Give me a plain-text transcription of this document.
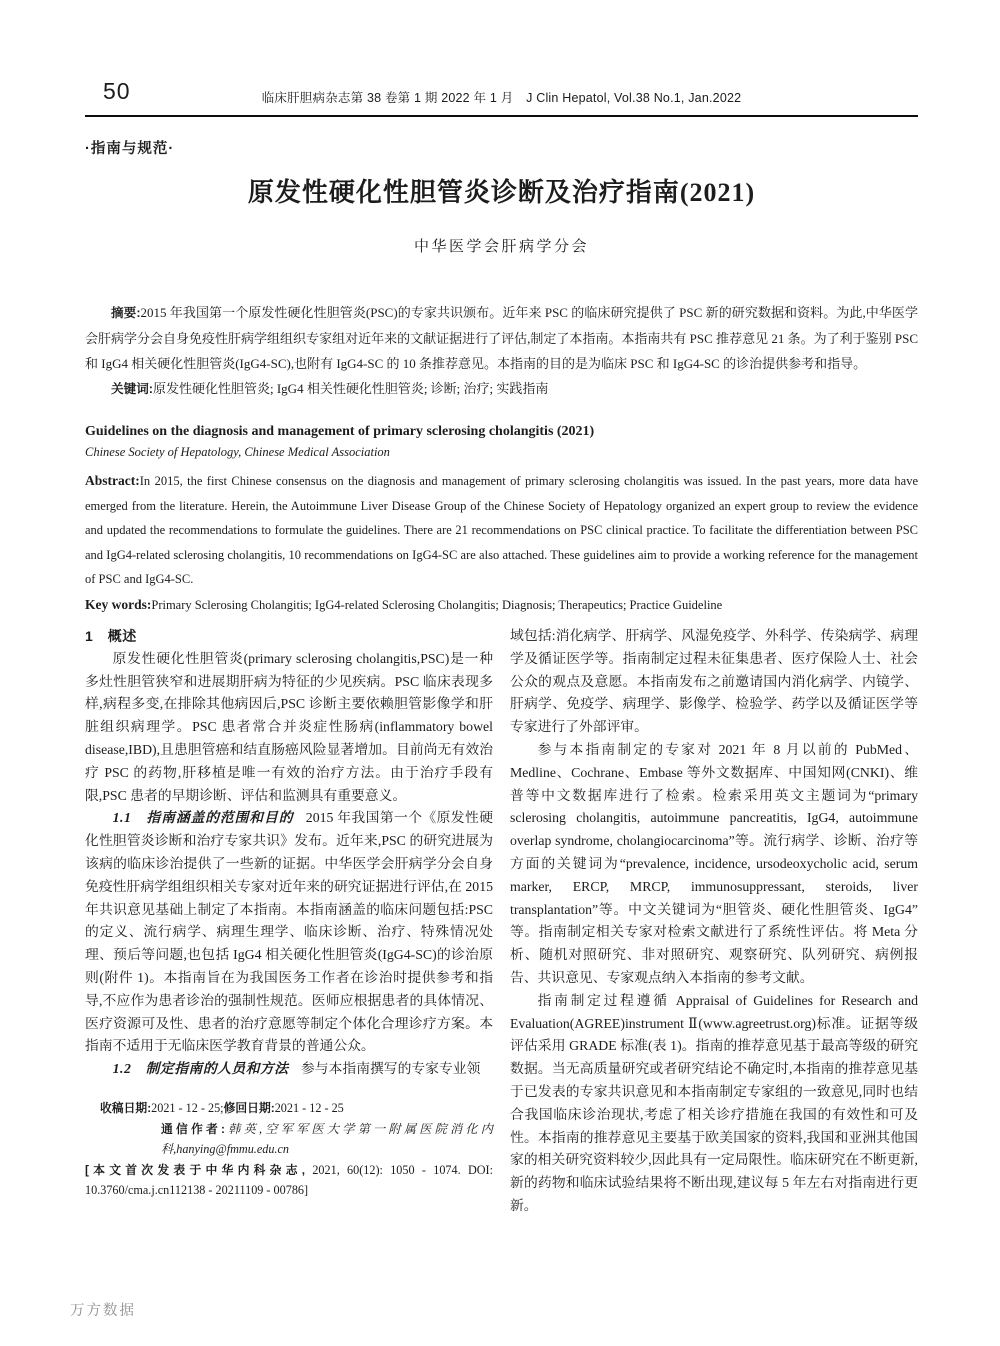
50	临床肝胆病杂志第 38 卷第 1 期 2022 年 1 月　J Clin Hepatol, Vol.38 No.1, Jan.2022
·指南与规范·
原发性硬化性胆管炎诊断及治疗指南(2021)
中华医学会肝病学分会

摘要:2015 年我国第一个原发性硬化性胆管炎(PSC)的专家共识颁布。近年来 PSC 的临床研究提供了 PSC 新的研究数据和资料。为此,中华医学会肝病学分会自身免疫性肝病学组组织专家组对近年来的文献证据进行了评估,制定了本指南。本指南共有 PSC 推荐意见 21 条。为了利于鉴别 PSC 和 IgG4 相关硬化性胆管炎(IgG4-SC),也附有 IgG4-SC 的 10 条推荐意见。本指南的目的是为临床 PSC 和 IgG4-SC 的诊治提供参考和指导。

关键词:原发性硬化性胆管炎; IgG4 相关性硬化性胆管炎; 诊断; 治疗; 实践指南

Guidelines on the diagnosis and management of primary sclerosing cholangitis (2021)
Chinese Society of Hepatology, Chinese Medical Association

Abstract:In 2015, the first Chinese consensus on the diagnosis and management of primary sclerosing cholangitis was issued. In the past years, more data have emerged from the literature. Herein, the Autoimmune Liver Disease Group of the Chinese Society of Hepatology organized an expert group to review the evidence and updated the recommendations to formulate the guidelines. There are 21 recommendations on PSC clinical practice. To facilitate the differentiation between PSC and IgG4-related sclerosing cholangitis, 10 recommendations on IgG4-SC are also attached. These guidelines aim to provide a working reference for the management of PSC and IgG4-SC.

Key words:Primary Sclerosing Cholangitis; IgG4-related Sclerosing Cholangitis; Diagnosis; Therapeutics; Practice Guideline

1　概述

原发性硬化性胆管炎(primary sclerosing cholangitis,PSC)是一种多灶性胆管狭窄和进展期肝病为特征的少见疾病。PSC 临床表现多样,病程多变,在排除其他病因后,PSC 诊断主要依赖胆管影像学和肝脏组织病理学。PSC 患者常合并炎症性肠病(inflammatory bowel disease,IBD),且患胆管癌和结直肠癌风险显著增加。目前尚无有效治疗 PSC 的药物,肝移植是唯一有效的治疗方法。由于治疗手段有限,PSC 患者的早期诊断、评估和监测具有重要意义。

1.1　指南涵盖的范围和目的 2015 年我国第一个《原发性硬化性胆管炎诊断和治疗专家共识》发布。近年来,PSC 的研究进展为该病的临床诊治提供了一些新的证据。中华医学会肝病学分会自身免疫性肝病学组组织相关专家对近年来的研究证据进行评估,在 2015 年共识意见基础上制定了本指南。本指南涵盖的临床问题包括:PSC 的定义、流行病学、病理生理学、临床诊断、治疗、特殊情况处理、预后等问题,也包括 IgG4 相关硬化性胆管炎(IgG4-SC)的诊治原则(附件 1)。本指南旨在为我国医务工作者在诊治时提供参考和指导,不应作为患者诊治的强制性规范。医师应根据患者的具体情况、医疗资源可及性、患者的治疗意愿等制定个体化合理诊疗方案。本指南不适用于无临床医学教育背景的普通公众。

1.2　制定指南的人员和方法 参与本指南撰写的专家专业领

收稿日期:2021 - 12 - 25;修回日期:2021 - 12 - 25

通信作者:韩英,空军军医大学第一附属医院消化内科,hanying@fmmu.edu.cn

[本文首次发表于中华内科杂志, 2021, 60(12): 1050 - 1074. DOI: 10.3760/cma.j.cn112138 - 20211109 - 00786]

域包括:消化病学、肝病学、风湿免疫学、外科学、传染病学、病理学及循证医学等。指南制定过程未征集患者、医疗保险人士、社会公众的观点及意愿。本指南发布之前邀请国内消化病学、内镜学、肝病学、免疫学、病理学、影像学、检验学、药学以及循证医学等专家进行了外部评审。

参与本指南制定的专家对 2021 年 8 月以前的 PubMed、Medline、Cochrane、Embase 等外文数据库、中国知网(CNKI)、维普等中文数据库进行了检索。检索采用英文主题词为“primary sclerosing cholangitis, autoimmune pancreatitis, IgG4, autoimmune overlap syndrome, cholangiocarcinoma”等。流行病学、诊断、治疗等方面的关键词为“prevalence, incidence, ursodeoxycholic acid, serum marker, ERCP, MRCP, immunosuppressant, steroids, liver transplantation”等。中文关键词为“胆管炎、硬化性胆管炎、IgG4”等。指南制定相关专家对检索文献进行了系统性评估。将 Meta 分析、随机对照研究、非对照研究、观察研究、队列研究、病例报告、共识意见、专家观点纳入本指南的参考文献。

指南制定过程遵循 Appraisal of Guidelines for Research and Evaluation(AGREE)instrument Ⅱ(www.agreetrust.org)标准。证据等级评估采用 GRADE 标准(表 1)。指南的推荐意见基于最高等级的研究数据。当无高质量研究或者研究结论不确定时,本指南的推荐意见基于已发表的专家共识意见和本指南制定专家组的一致意见,同时也结合我国临床诊治现状,考虑了相关诊疗措施在我国的有效性和可及性。本指南的推荐意见主要基于欧美国家的资料,我国和亚洲其他国家的相关研究资料较少,因此具有一定局限性。临床研究在不断更新,新的药物和临床试验结果将不断出现,建议每 5 年左右对指南进行更新。

万方数据
